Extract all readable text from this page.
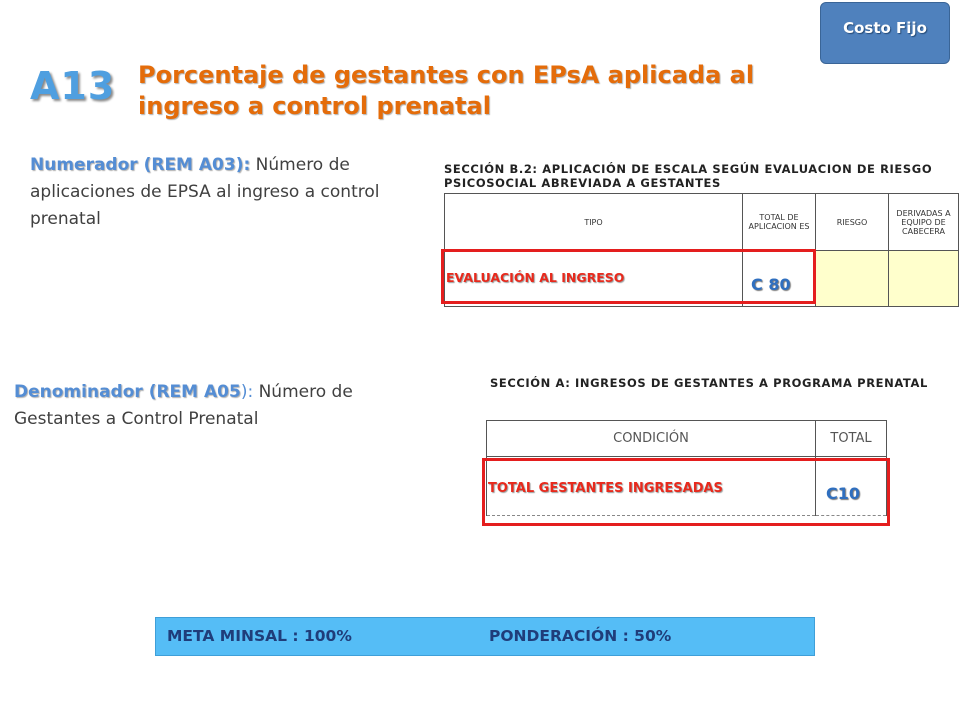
Costo Fijo
A13 Porcentaje de gestantes con EPsA aplicada al ingreso a control prenatal
Numerador (REM A03): Número de aplicaciones de EPSA al ingreso a control prenatal
Denominador (REM A05): Número de Gestantes a Control Prenatal
SECCIÓN B.2: APLICACIÓN DE ESCALA SEGÚN EVALUACION DE RIESGO PSICOSOCIAL ABREVIADA A GESTANTES
TIPO	TOTAL DE APLICACION ES	RIESGO	DERIVADAS A EQUIPO DE CABECERA

EVALUACIÓN AL INGRESO	C 80
SECCIÓN A: INGRESOS DE GESTANTES A PROGRAMA PRENATAL
CONDICIÓN	TOTAL

TOTAL GESTANTES INGRESADAS	C10
META MINSAL : 100%	PONDERACIÓN : 50%
